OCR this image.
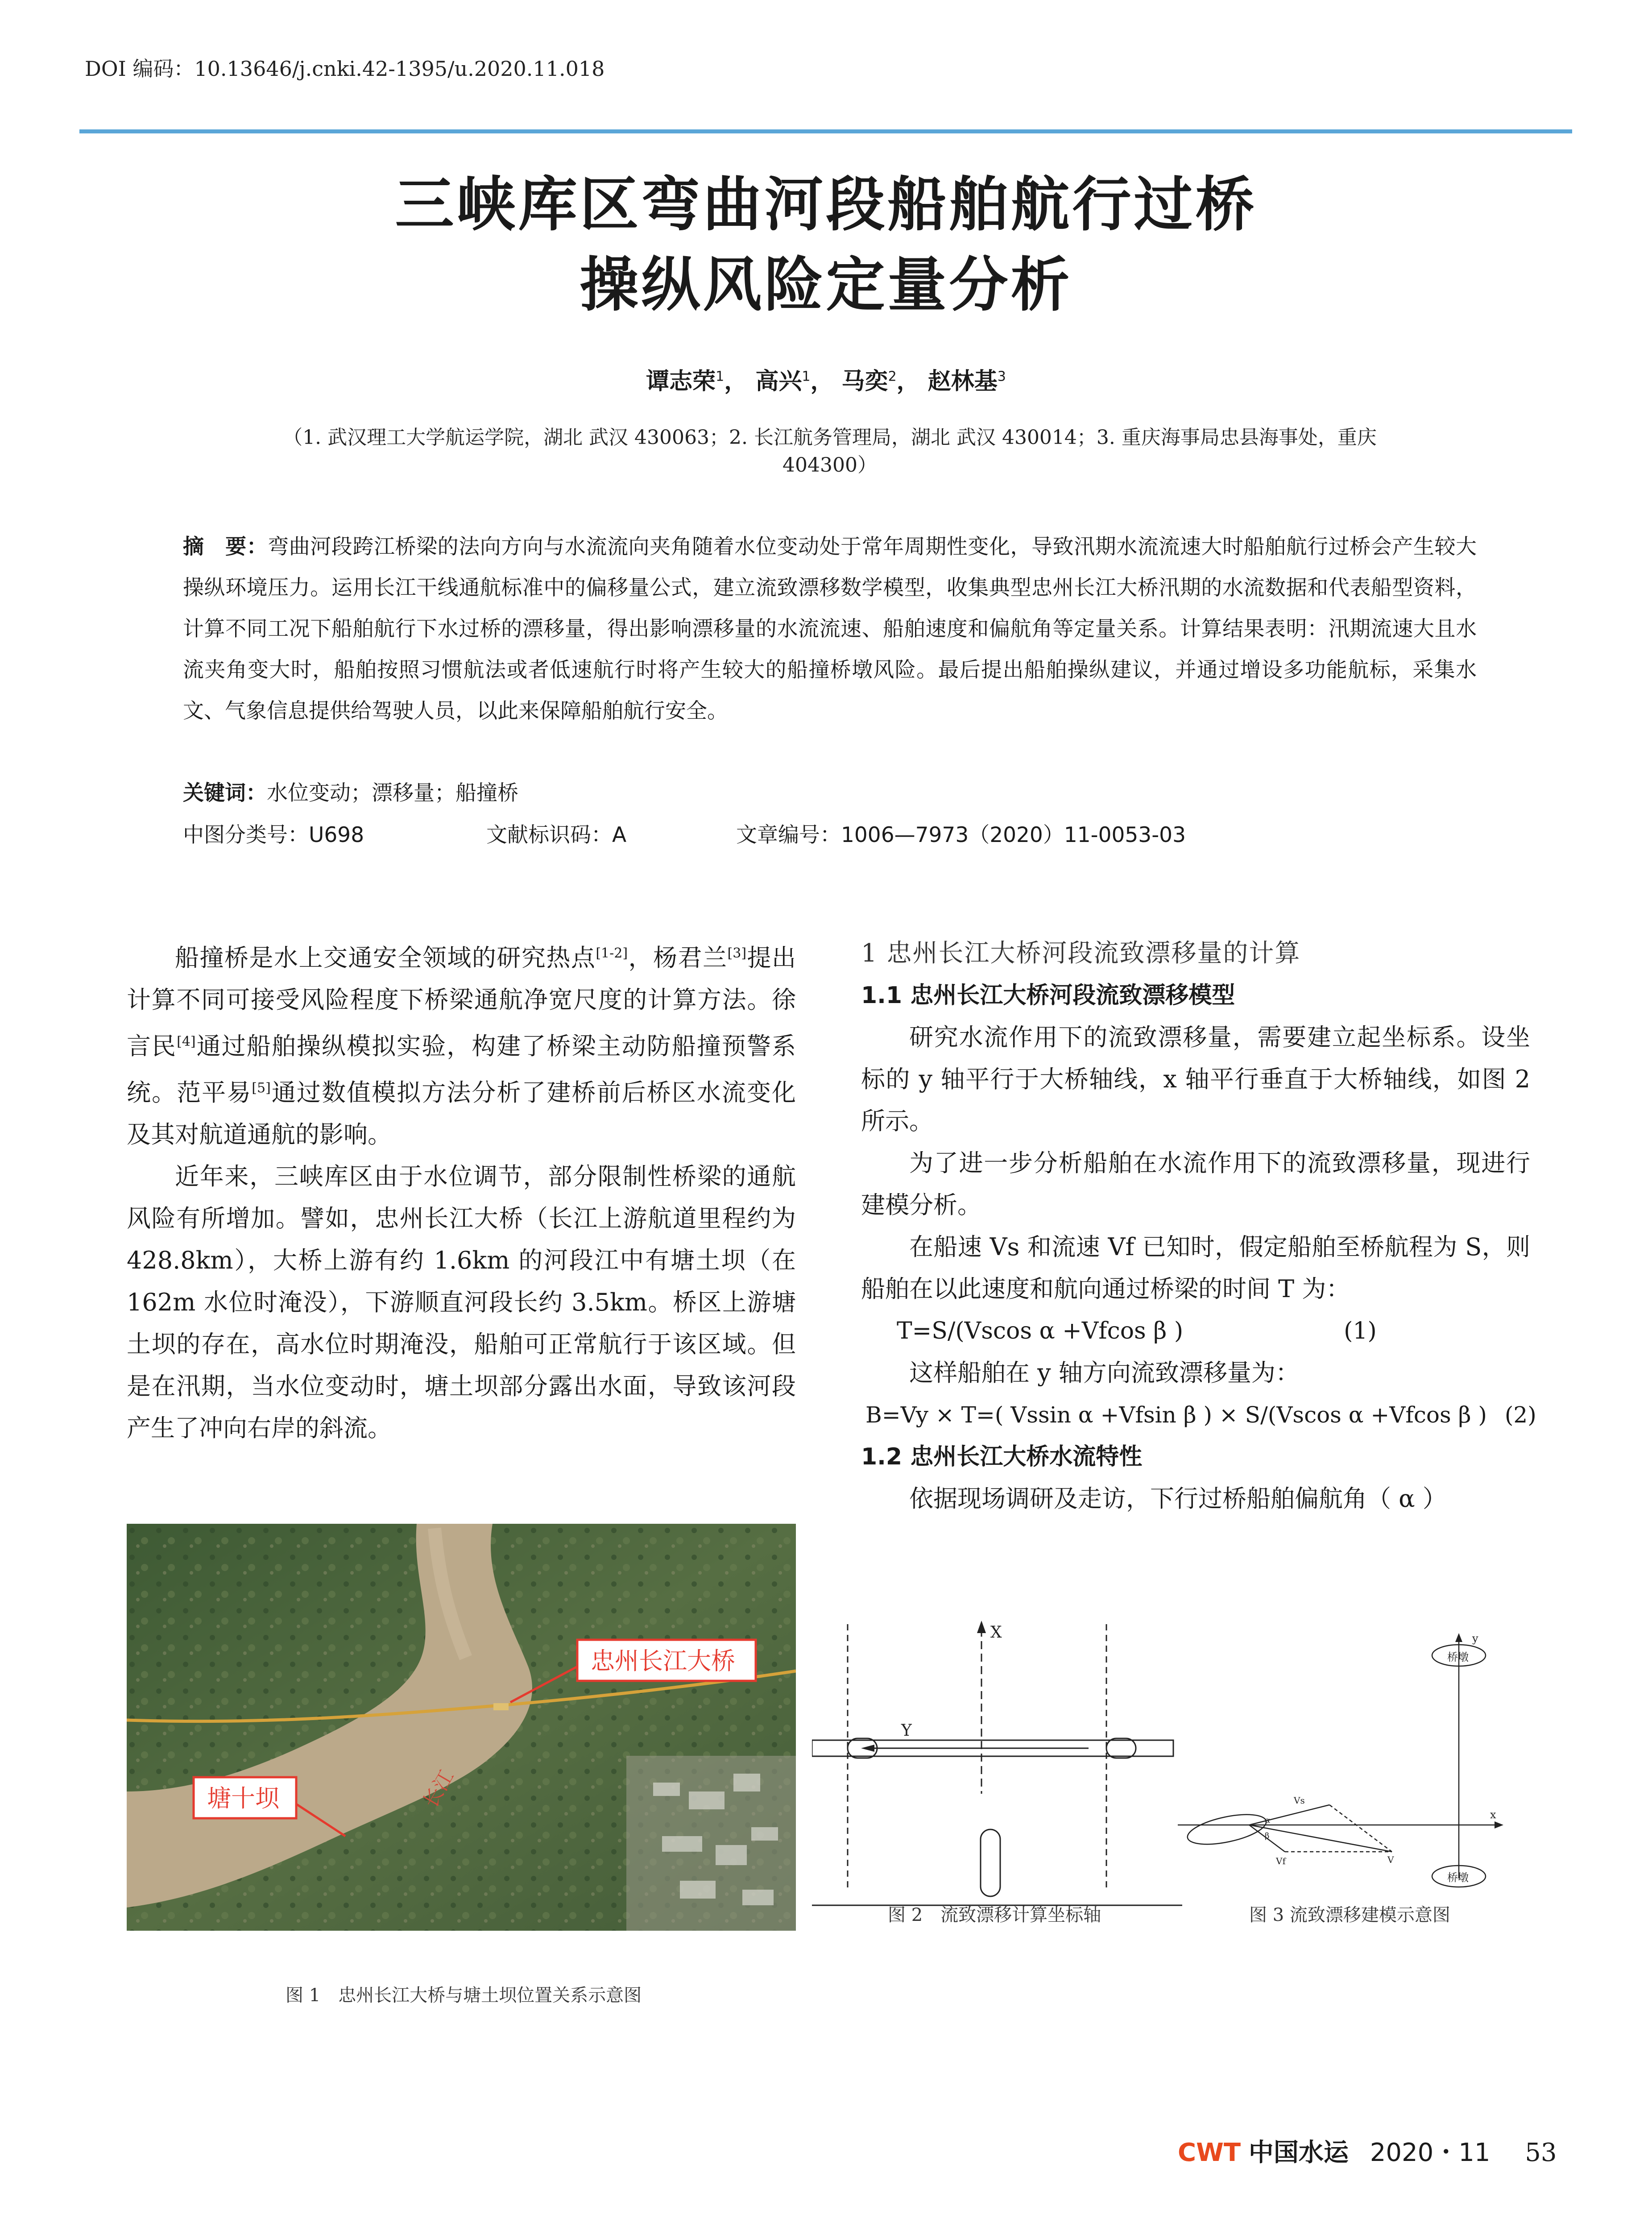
DOI 编码：10.13646/j.cnki.42-1395/u.2020.11.018
三峡库区弯曲河段船舶航行过桥
操纵风险定量分析
谭志荣$^1$， 高兴$^1$， 马奕$^2$， 赵林基$^3$
（1. 武汉理工大学航运学院，湖北 武汉 430063；2. 长江航务管理局，湖北 武汉 430014；3. 重庆海事局忠县海事处，重庆
404300）
摘　要：弯曲河段跨江桥梁的法向方向与水流流向夹角随着水位变动处于常年周期性变化，导致汛期水流流速大时船舶航行过桥会产生较大操纵环境压力。运用长江干线通航标准中的偏移量公式，建立流致漂移数学模型，收集典型忠州长江大桥汛期的水流数据和代表船型资料，计算不同工况下船舶航行下水过桥的漂移量，得出影响漂移量的水流流速、船舶速度和偏航角等定量关系。计算结果表明：汛期流速大且水流夹角变大时，船舶按照习惯航法或者低速航行时将产生较大的船撞桥墩风险。最后提出船舶操纵建议，并通过增设多功能航标，采集水文、气象信息提供给驾驶人员，以此来保障船舶航行安全。
关键词：水位变动；漂移量；船撞桥
中图分类号：U698	文献标识码：A	文章编号：1006—7973（2020）11-0053-03

船撞桥是水上交通安全领域的研究热点[1-2]，杨君兰[3]提出计算不同可接受风险程度下桥梁通航净宽尺度的计算方法。徐言民[4]通过船舶操纵模拟实验，构建了桥梁主动防船撞预警系统。范平易[5]通过数值模拟方法分析了建桥前后桥区水流变化及其对航道通航的影响。

近年来，三峡库区由于水位调节，部分限制性桥梁的通航风险有所增加。譬如，忠州长江大桥（长江上游航道里程约为 428.8km），大桥上游有约 1.6km 的河段江中有塘土坝（在 162m 水位时淹没），下游顺直河段长约 3.5km。桥区上游塘土坝的存在，高水位时期淹没，船舶可正常航行于该区域。但是在汛期，当水位变动时，塘土坝部分露出水面，导致该河段产生了冲向右岸的斜流。

1 忠州长江大桥河段流致漂移量的计算
1.1 忠州长江大桥河段流致漂移模型

研究水流作用下的流致漂移量，需要建立起坐标系。设坐标的 y 轴平行于大桥轴线，x 轴平行垂直于大桥轴线，如图 2 所示。

为了进一步分析船舶在水流作用下的流致漂移量，现进行建模分析。

在船速 Vs 和流速 Vf 已知时，假定船舶至桥航程为 S，则船舶在以此速度和航向通过桥梁的时间 T 为：

T=S/(Vscos α +Vfcos β )	(1)

这样船舶在 y 轴方向流致漂移量为：

B=Vy × T=( Vssin α +Vfsin β ) × S/(Vscos α +Vfcos β ) (2)

1.2 忠州长江大桥水流特性

依据现场调研及走访，下行过桥船舶偏航角（ α ）

忠州长江大桥
塘十坝	长江
图 1　忠州长江大桥与塘土坝位置关系示意图
X
Y
图 2　流致漂移计算坐标轴
桥墩
桥墩
y
x
Vs
Vf	V
α
β
图 3 流致漂移建模示意图
CWT 中国水运 2020・11 53
